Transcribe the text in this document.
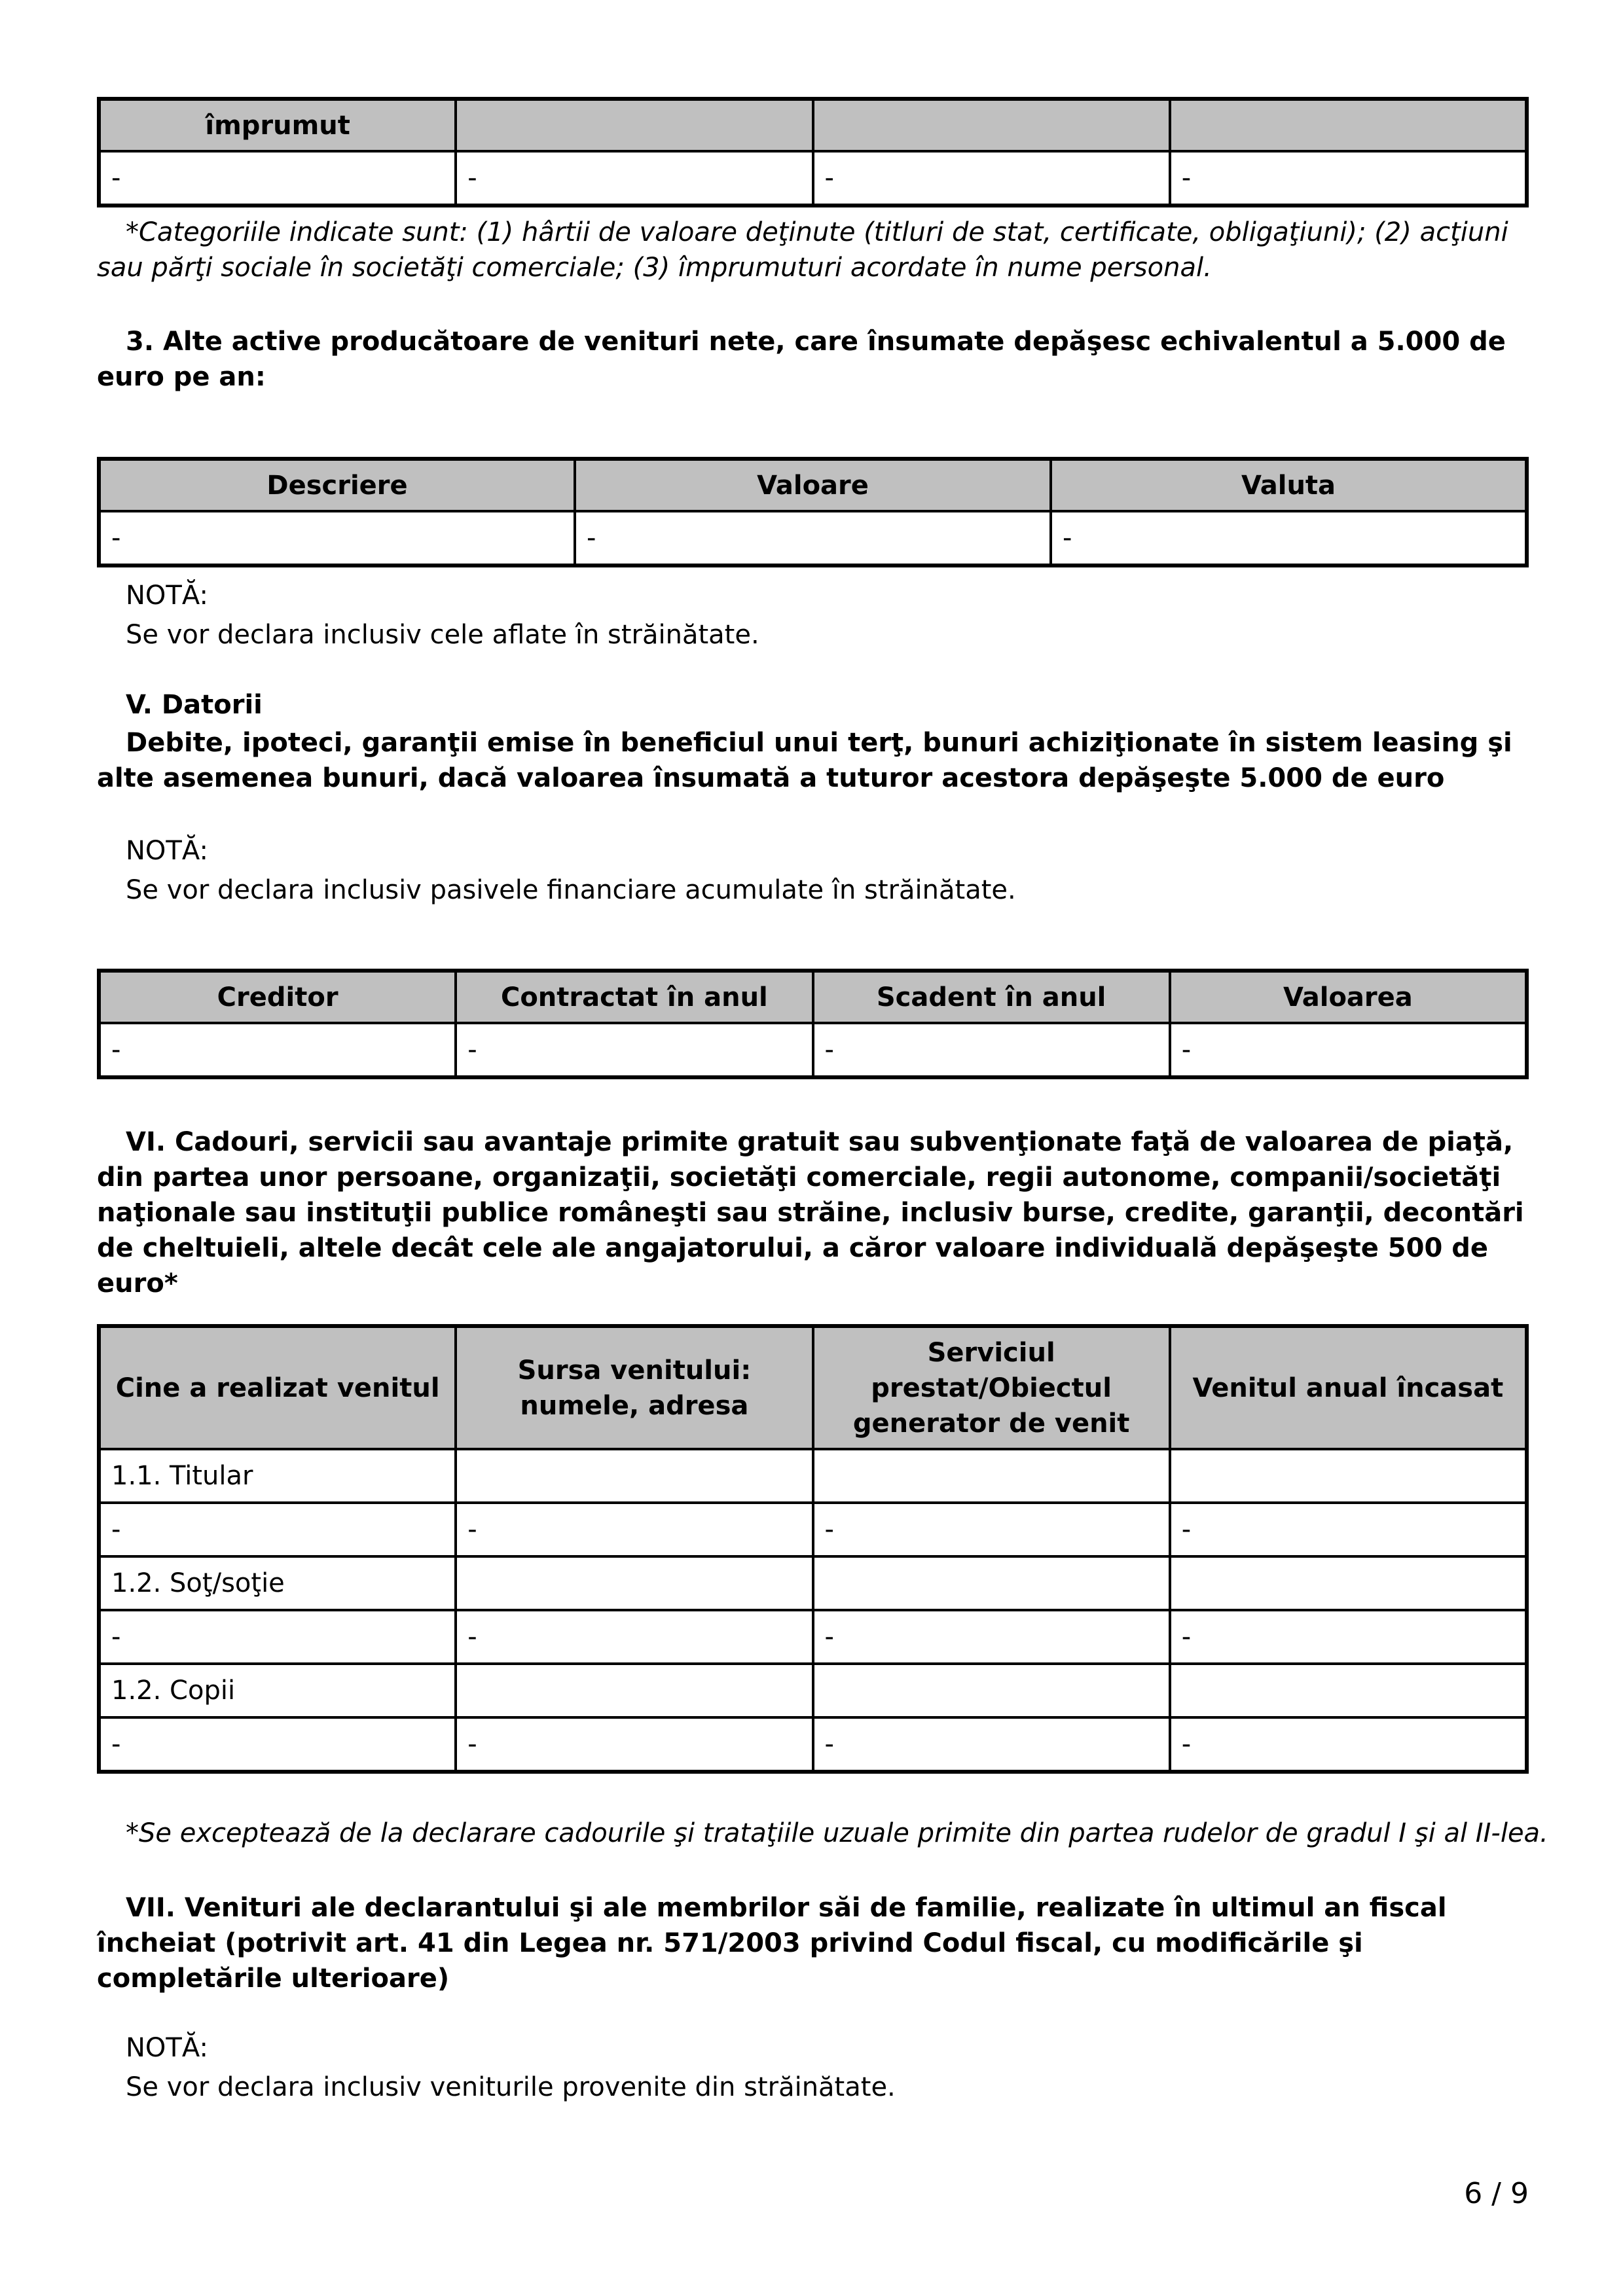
împrumut			
-	-	-	-
*Categoriile indicate sunt: (1) hârtii de valoare deţinute (titluri de stat, certificate, obligaţiuni); (2) acţiuni sau părţi sociale în societăţi comerciale; (3) împrumuturi acordate în nume personal.
3. Alte active producătoare de venituri nete, care însumate depăşesc echivalentul a 5.000 de euro pe an:
Descriere	Valoare	Valuta
-	-	-
NOTĂ:
Se vor declara inclusiv cele aflate în străinătate.
V. Datorii
Debite, ipoteci, garanţii emise în beneficiul unui terţ, bunuri achiziţionate în sistem leasing şi alte asemenea bunuri, dacă valoarea însumată a tuturor acestora depăşeşte 5.000 de euro
NOTĂ:
Se vor declara inclusiv pasivele financiare acumulate în străinătate.
Creditor	Contractat în anul	Scadent în anul	Valoarea
-	-	-	-
VI. Cadouri, servicii sau avantaje primite gratuit sau subvenţionate faţă de valoarea de piaţă, din partea unor persoane, organizaţii, societăţi comerciale, regii autonome, companii/societăţi naţionale sau instituţii publice româneşti sau străine, inclusiv burse, credite, garanţii, decontări de cheltuieli, altele decât cele ale angajatorului, a căror valoare individuală depăşeşte 500 de euro*
Cine a realizat venitul	Sursa venitului: numele, adresa	Serviciul prestat/Obiectul generator de venit	Venitul anual încasat
1.1. Titular			
-	-	-	-
1.2. Soţ/soţie			
-	-	-	-
1.2. Copii			
-	-	-	-
*Se exceptează de la declarare cadourile şi trataţiile uzuale primite din partea rudelor de gradul I şi al II-lea.
VII. Venituri ale declarantului şi ale membrilor săi de familie, realizate în ultimul an fiscal încheiat (potrivit art. 41 din Legea nr. 571/2003 privind Codul fiscal, cu modificările şi completările ulterioare)
NOTĂ:
Se vor declara inclusiv veniturile provenite din străinătate.
6 / 9
